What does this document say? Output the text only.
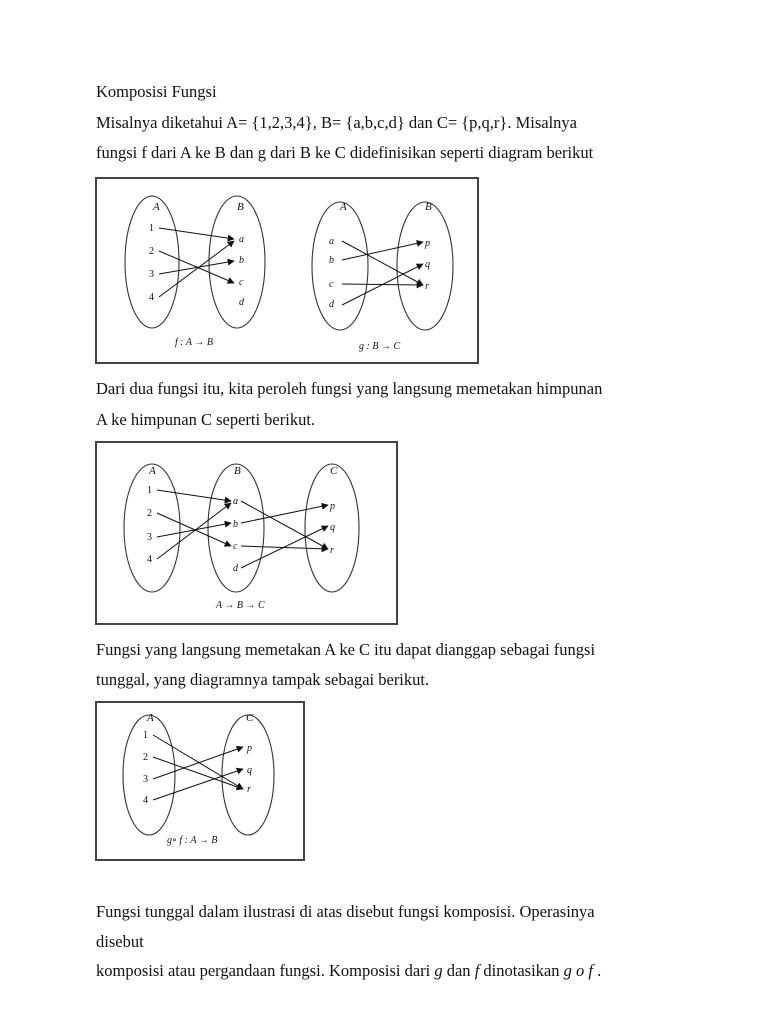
Komposisi Fungsi
Misalnya diketahui A= {1,2,3,4}, B= {a,b,c,d} dan C= {p,q,r}. Misalnya
fungsi f dari A ke B dan g dari B ke C didefinisikan seperti diagram berikut
A	B	A	B
1
2
3
4
a
b
c
d
a
b
c
d
p
q
r
f : A → B	g : B → C
Dari dua fungsi itu, kita peroleh fungsi yang langsung memetakan himpunan
A ke himpunan C seperti berikut.
A	B	C
1
2
3
4
a
b
c
d
p
q
r
A → B → C
Fungsi yang langsung memetakan A ke C itu dapat dianggap sebagai fungsi
tunggal, yang diagramnya tampak sebagai berikut.
A	C
1
2
3
4
p
q
r
g∘ f : A → B
Fungsi tunggal dalam ilustrasi di atas disebut fungsi komposisi. Operasinya
disebut
komposisi atau pergandaan fungsi. Komposisi dari g dan f dinotasikan g o f .
